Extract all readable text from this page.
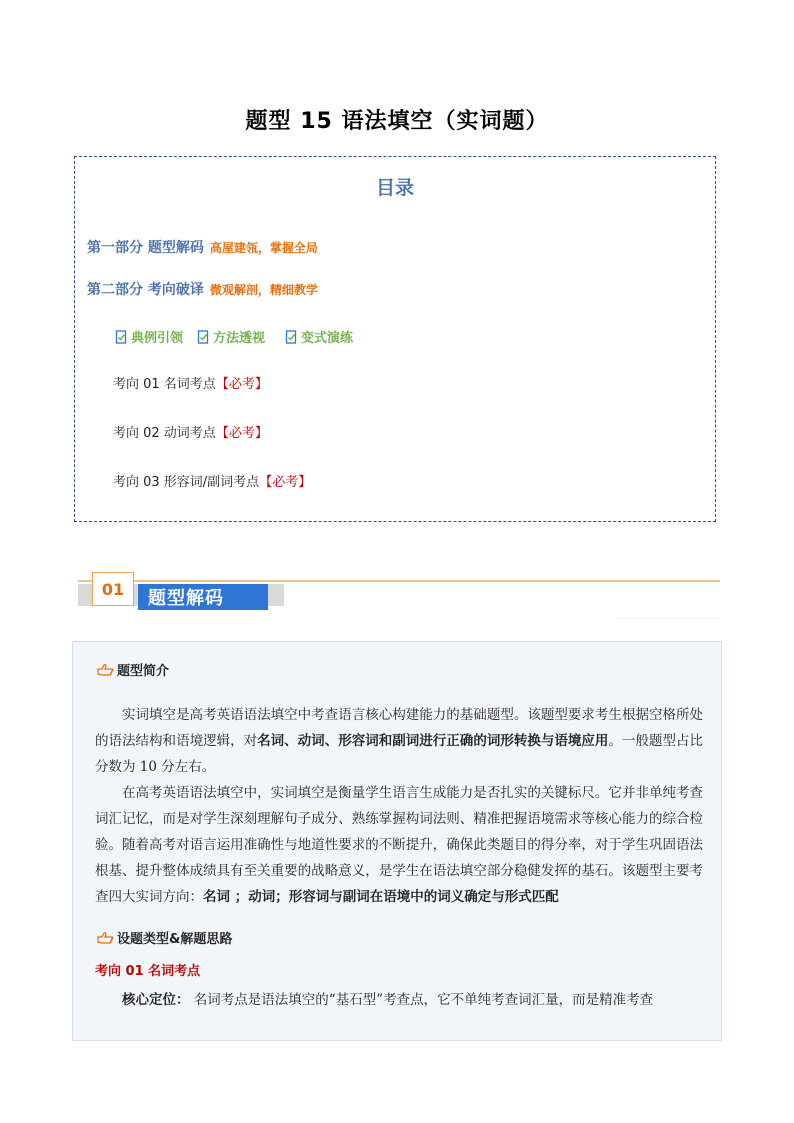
题型 15 语法填空（实词题）
目录
第一部分 题型解码 高屋建瓴，掌握全局
第二部分 考向破译 微观解剖，精细教学
典例引领 方法透视	变式演练
考向 01 名词考点【必考】
考向 02 动词考点【必考】
考向 03 形容词/副词考点【必考】
01	题型解码
题型简介
实词填空是高考英语语法填空中考查语言核心构建能力的基础题型。该题型要求考生根据空格所处的语法结构和语境逻辑，对名词、动词、形容词和副词进行正确的词形转换与语境应用。一般题型占比分数为 10 分左右。
在高考英语语法填空中，实词填空是衡量学生语言生成能力是否扎实的关键标尺。它并非单纯考查词汇记忆，而是对学生深刻理解句子成分、熟练掌握构词法则、精准把握语境需求等核心能力的综合检验。随着高考对语言运用准确性与地道性要求的不断提升，确保此类题目的得分率，对于学生巩固语法根基、提升整体成绩具有至关重要的战略意义，是学生在语法填空部分稳健发挥的基石。该题型主要考查四大实词方向：名词 ；动词；形容词与副词在语境中的词义确定与形式匹配
设题类型&解题思路
考向 01 名词考点
核心定位： 名词考点是语法填空的“基石型”考查点，它不单纯考查词汇量，而是精准考查
